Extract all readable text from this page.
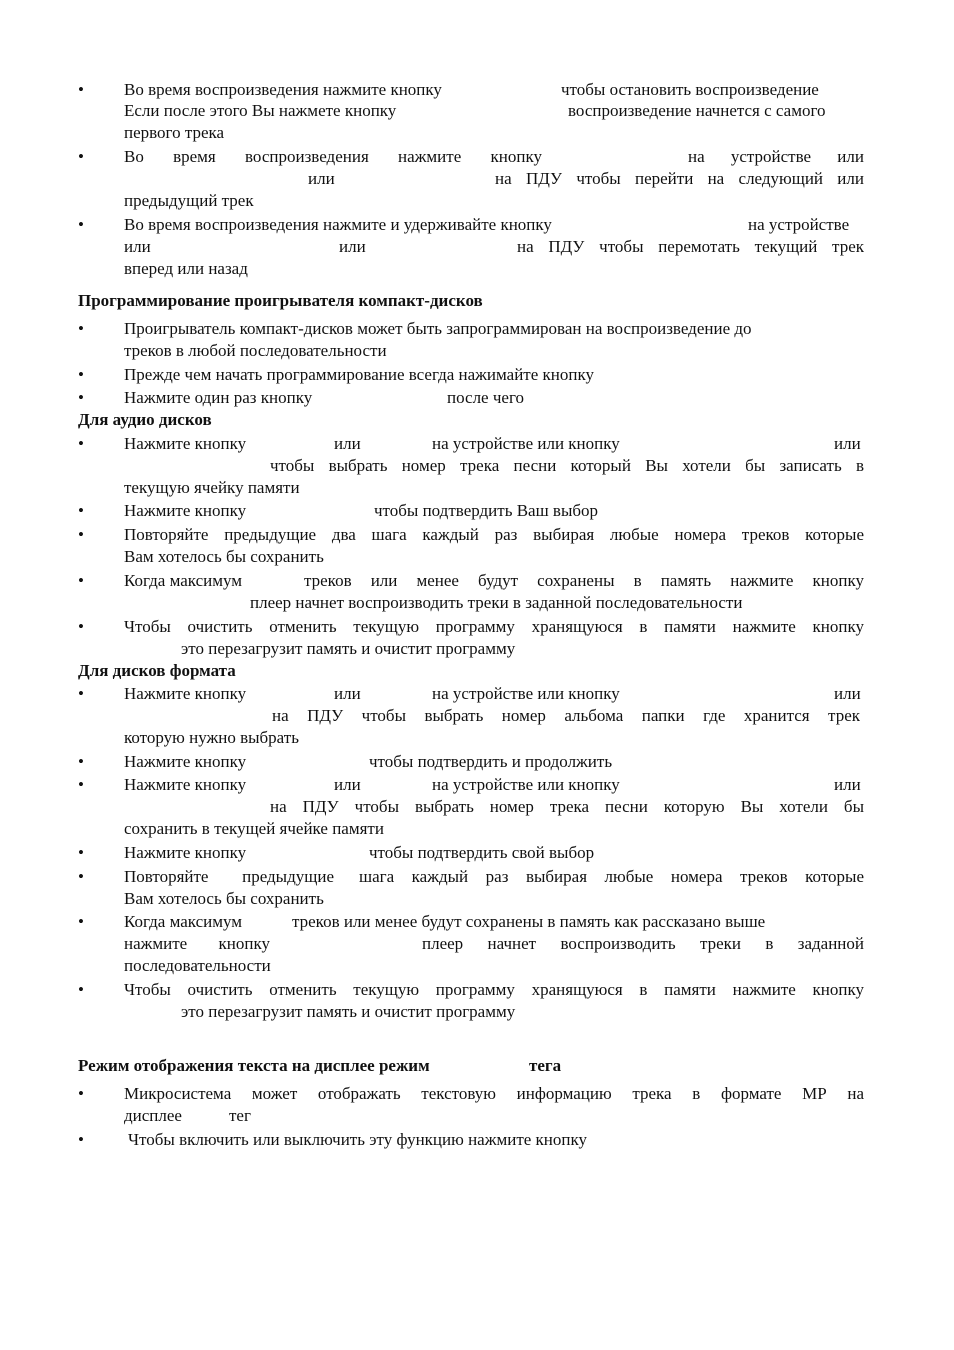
•	Во время воспроизведения нажмите кнопку	чтобы остановить воспроизведение
Если после этого Вы нажмете кнопку	воспроизведение начнется с самого
первого трека
•	Во время воспроизведения нажмите кнопку	на устройстве или
или	на ПДУ чтобы перейти на следующий или
предыдущий трек
•	Во время воспроизведения нажмите и удерживайте кнопку	на устройстве
или	или	на ПДУ чтобы перемотать текущий трек
вперед или назад
Программирование проигрывателя компакт-дисков
•	Проигрыватель компакт-дисков может быть запрограммирован на воспроизведение до
треков в любой последовательности
•	Прежде чем начать программирование всегда нажимайте кнопку
•	Нажмите один раз кнопку	после чего
Для аудио дисков
•	Нажмите кнопку	или	на устройстве или кнопку	или
чтобы выбрать номер трека песни который Вы хотели бы записать в
текущую ячейку памяти
•	Нажмите кнопку	чтобы подтвердить Ваш выбор
•	Повторяйте предыдущие два шага каждый раз выбирая любые номера треков которые
Вам хотелось бы сохранить
•	Когда максимум	треков или менее будут сохранены в память нажмите кнопку
плеер начнет воспроизводить треки в заданной последовательности
•	Чтобы очистить отменить текущую программу хранящуюся в памяти нажмите кнопку
это перезагрузит память и очистит программу
Для дисков формата
•	Нажмите кнопку	или	на устройстве или кнопку	или
на ПДУ чтобы выбрать номер альбома папки где хранится трек
которую нужно выбрать
•	Нажмите кнопку	чтобы подтвердить и продолжить
•	Нажмите кнопку	или	на устройстве или кнопку	или
на ПДУ чтобы выбрать номер трека песни которую Вы хотели бы
сохранить в текущей ячейке памяти
•	Нажмите кнопку	чтобы подтвердить свой выбор
•	Повторяйте предыдущие шага каждый раз выбирая любые номера треков которые
Вам хотелось бы сохранить
•	Когда максимум	треков или менее будут сохранены в память как рассказано выше
нажмите кнопку	плеер начнет воспроизводить треки в заданной
последовательности
•	Чтобы очистить отменить текущую программу хранящуюся в памяти нажмите кнопку
это перезагрузит память и очистит программу
Режим отображения текста на дисплее режим	тега
•	Микросистема может отображать текстовую информацию трека в формате МР на
дисплее	тег
•	Чтобы включить или выключить эту функцию нажмите кнопку
